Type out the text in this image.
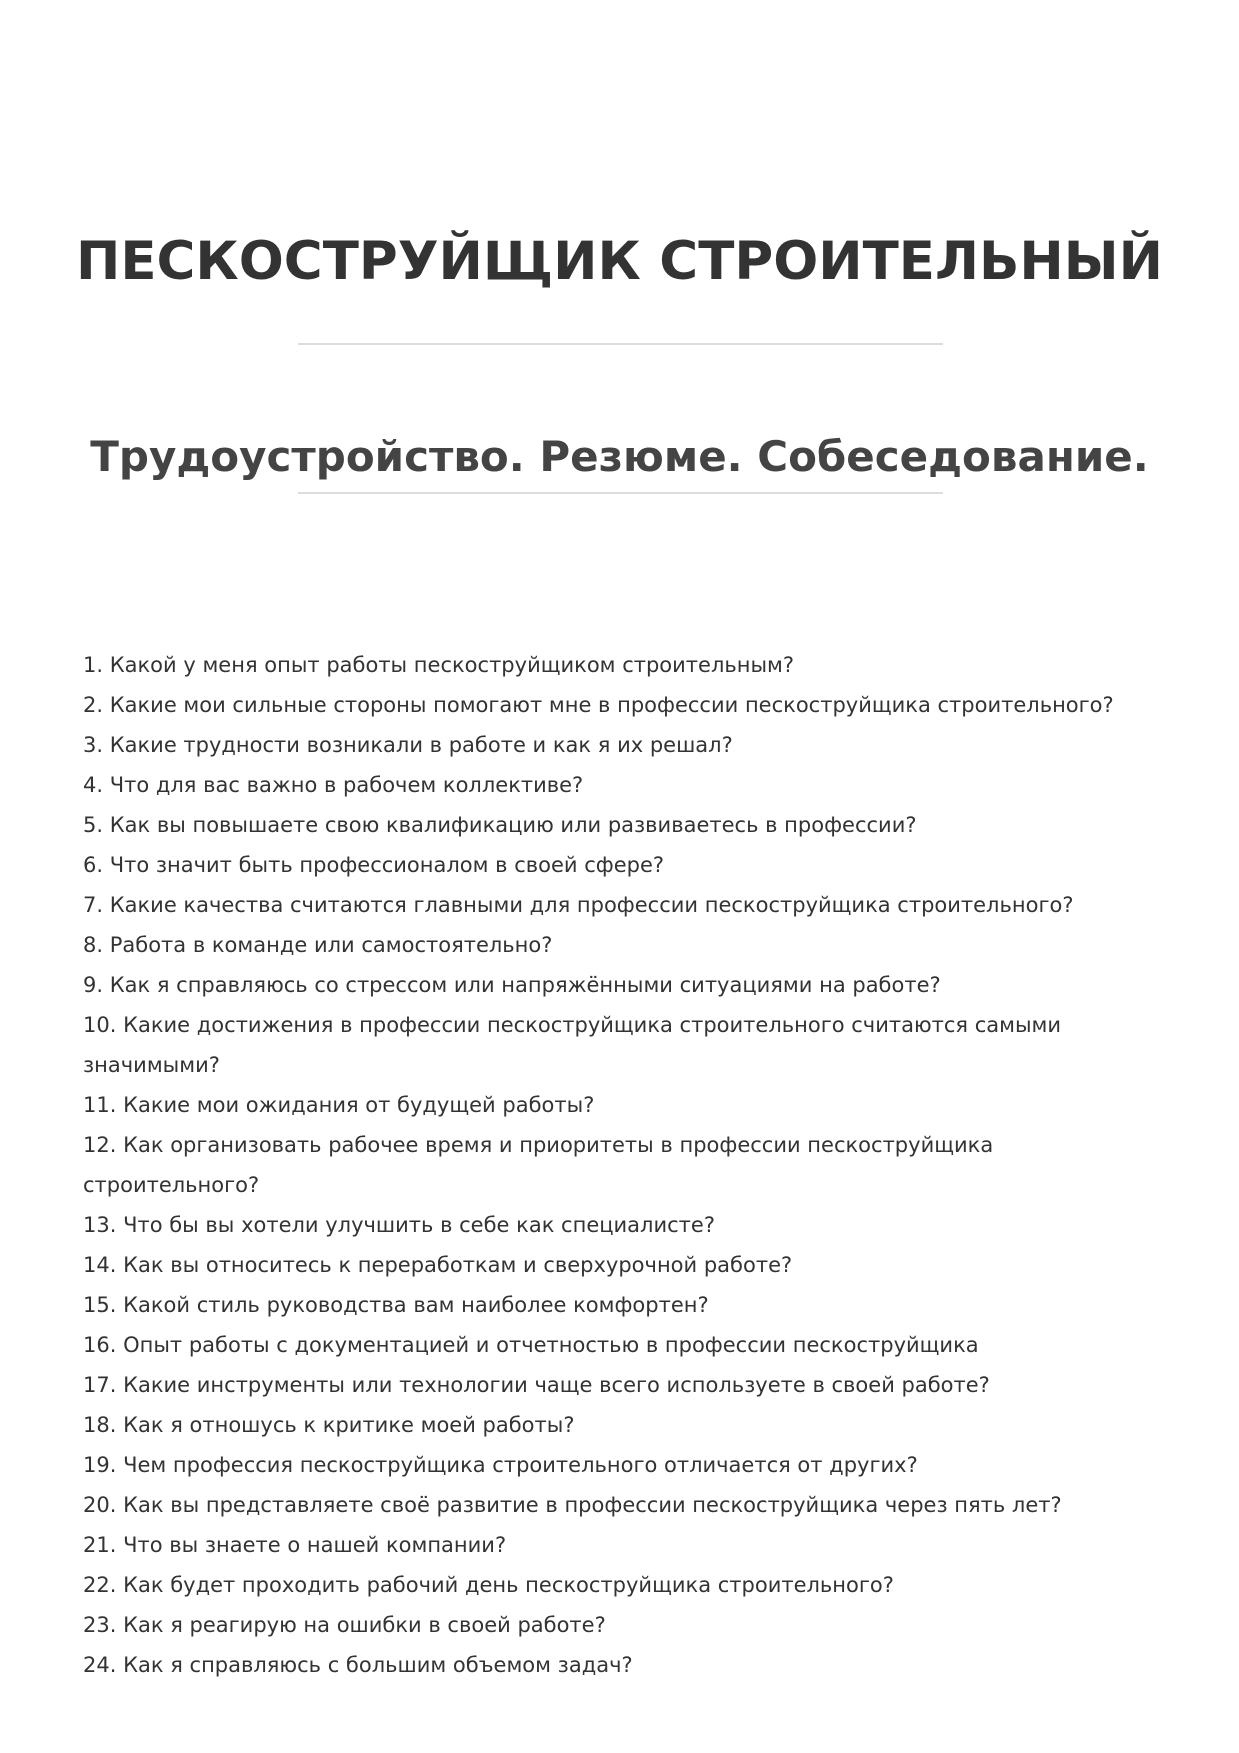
ПЕСКОСТРУЙЩИК СТРОИТЕЛЬНЫЙ
Трудоустройство. Резюме. Собеседование.
1. Какой у меня опыт работы пескоструйщиком строительным?
2. Какие мои сильные стороны помогают мне в профессии пескоструйщика строительного?
3. Какие трудности возникали в работе и как я их решал?
4. Что для вас важно в рабочем коллективе?
5. Как вы повышаете свою квалификацию или развиваетесь в профессии?
6. Что значит быть профессионалом в своей сфере?
7. Какие качества считаются главными для профессии пескоструйщика строительного?
8. Работа в команде или самостоятельно?
9. Как я справляюсь со стрессом или напряжёнными ситуациями на работе?
10. Какие достижения в профессии пескоструйщика строительного считаются самыми значимыми?
11. Какие мои ожидания от будущей работы?
12. Как организовать рабочее время и приоритеты в профессии пескоструйщика строительного?
13. Что бы вы хотели улучшить в себе как специалисте?
14. Как вы относитесь к переработкам и сверхурочной работе?
15. Какой стиль руководства вам наиболее комфортен?
16. Опыт работы с документацией и отчетностью в профессии пескоструйщика
17. Какие инструменты или технологии чаще всего используете в своей работе?
18. Как я отношусь к критике моей работы?
19. Чем профессия пескоструйщика строительного отличается от других?
20. Как вы представляете своё развитие в профессии пескоструйщика через пять лет?
21. Что вы знаете о нашей компании?
22. Как будет проходить рабочий день пескоструйщика строительного?
23. Как я реагирую на ошибки в своей работе?
24. Как я справляюсь с большим объемом задач?
